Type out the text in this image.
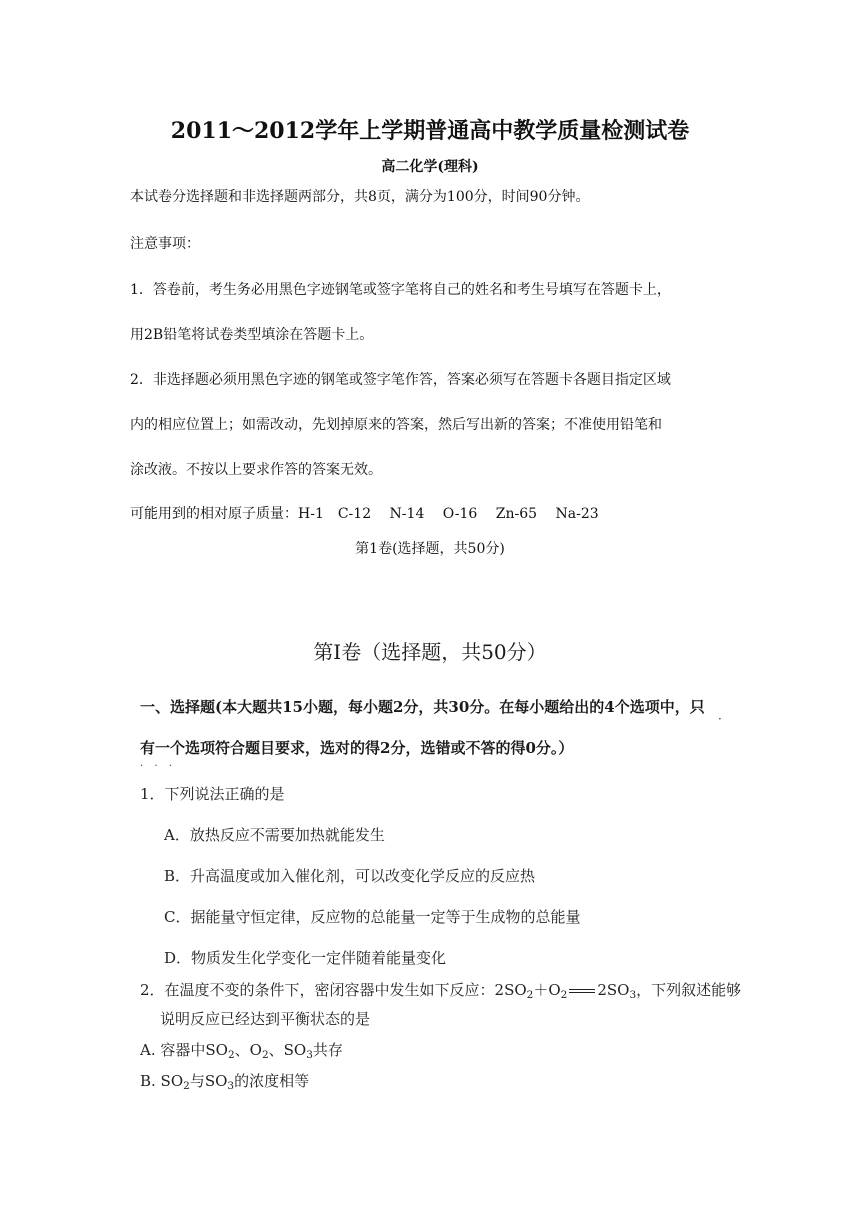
2011～2012学年上学期普通高中教学质量检测试卷
高二化学(理科)
本试卷分选择题和非选择题两部分，共8页，满分为100分，时间90分钟。
注意事项：
1．答卷前，考生务必用黑色字迹钢笔或签字笔将自己的姓名和考生号填写在答题卡上，
用2B铅笔将试卷类型填涂在答题卡上。
2．非选择题必须用黑色字迹的钢笔或签字笔作答，答案必须写在答题卡各题目指定区域
内的相应位置上；如需改动，先划掉原来的答案，然后写出新的答案；不准使用铅笔和
涂改液。不按以上要求作答的答案无效。
可能用到的相对原子质量：H-1　C-12　 N-14　 O-16　 Zn-65　 Na-23
第1卷(选择题，共50分)
第Ⅰ卷（选择题，共50分）
一、选择题(本大题共15小题，每小题2分，共30分。在每小题给出的4个选项中，只
·
有一个选项符合题目要求，选对的得2分，选错或不答的得0分。）
. . .
1．下列说法正确的是
A．放热反应不需要加热就能发生
B．升高温度或加入催化剂，可以改变化学反应的反应热
C．据能量守恒定律，反应物的总能量一定等于生成物的总能量
D．物质发生化学变化一定伴随着能量变化
2．在温度不变的条件下，密闭容器中发生如下反应：$2SO_2+O_2$ $2SO_3$，下列叙述能够
说明反应已经达到平衡状态的是
A. 容器中$SO_2$、$O_2$、$SO_3$共存
B. $SO_2$与$SO_3$的浓度相等
